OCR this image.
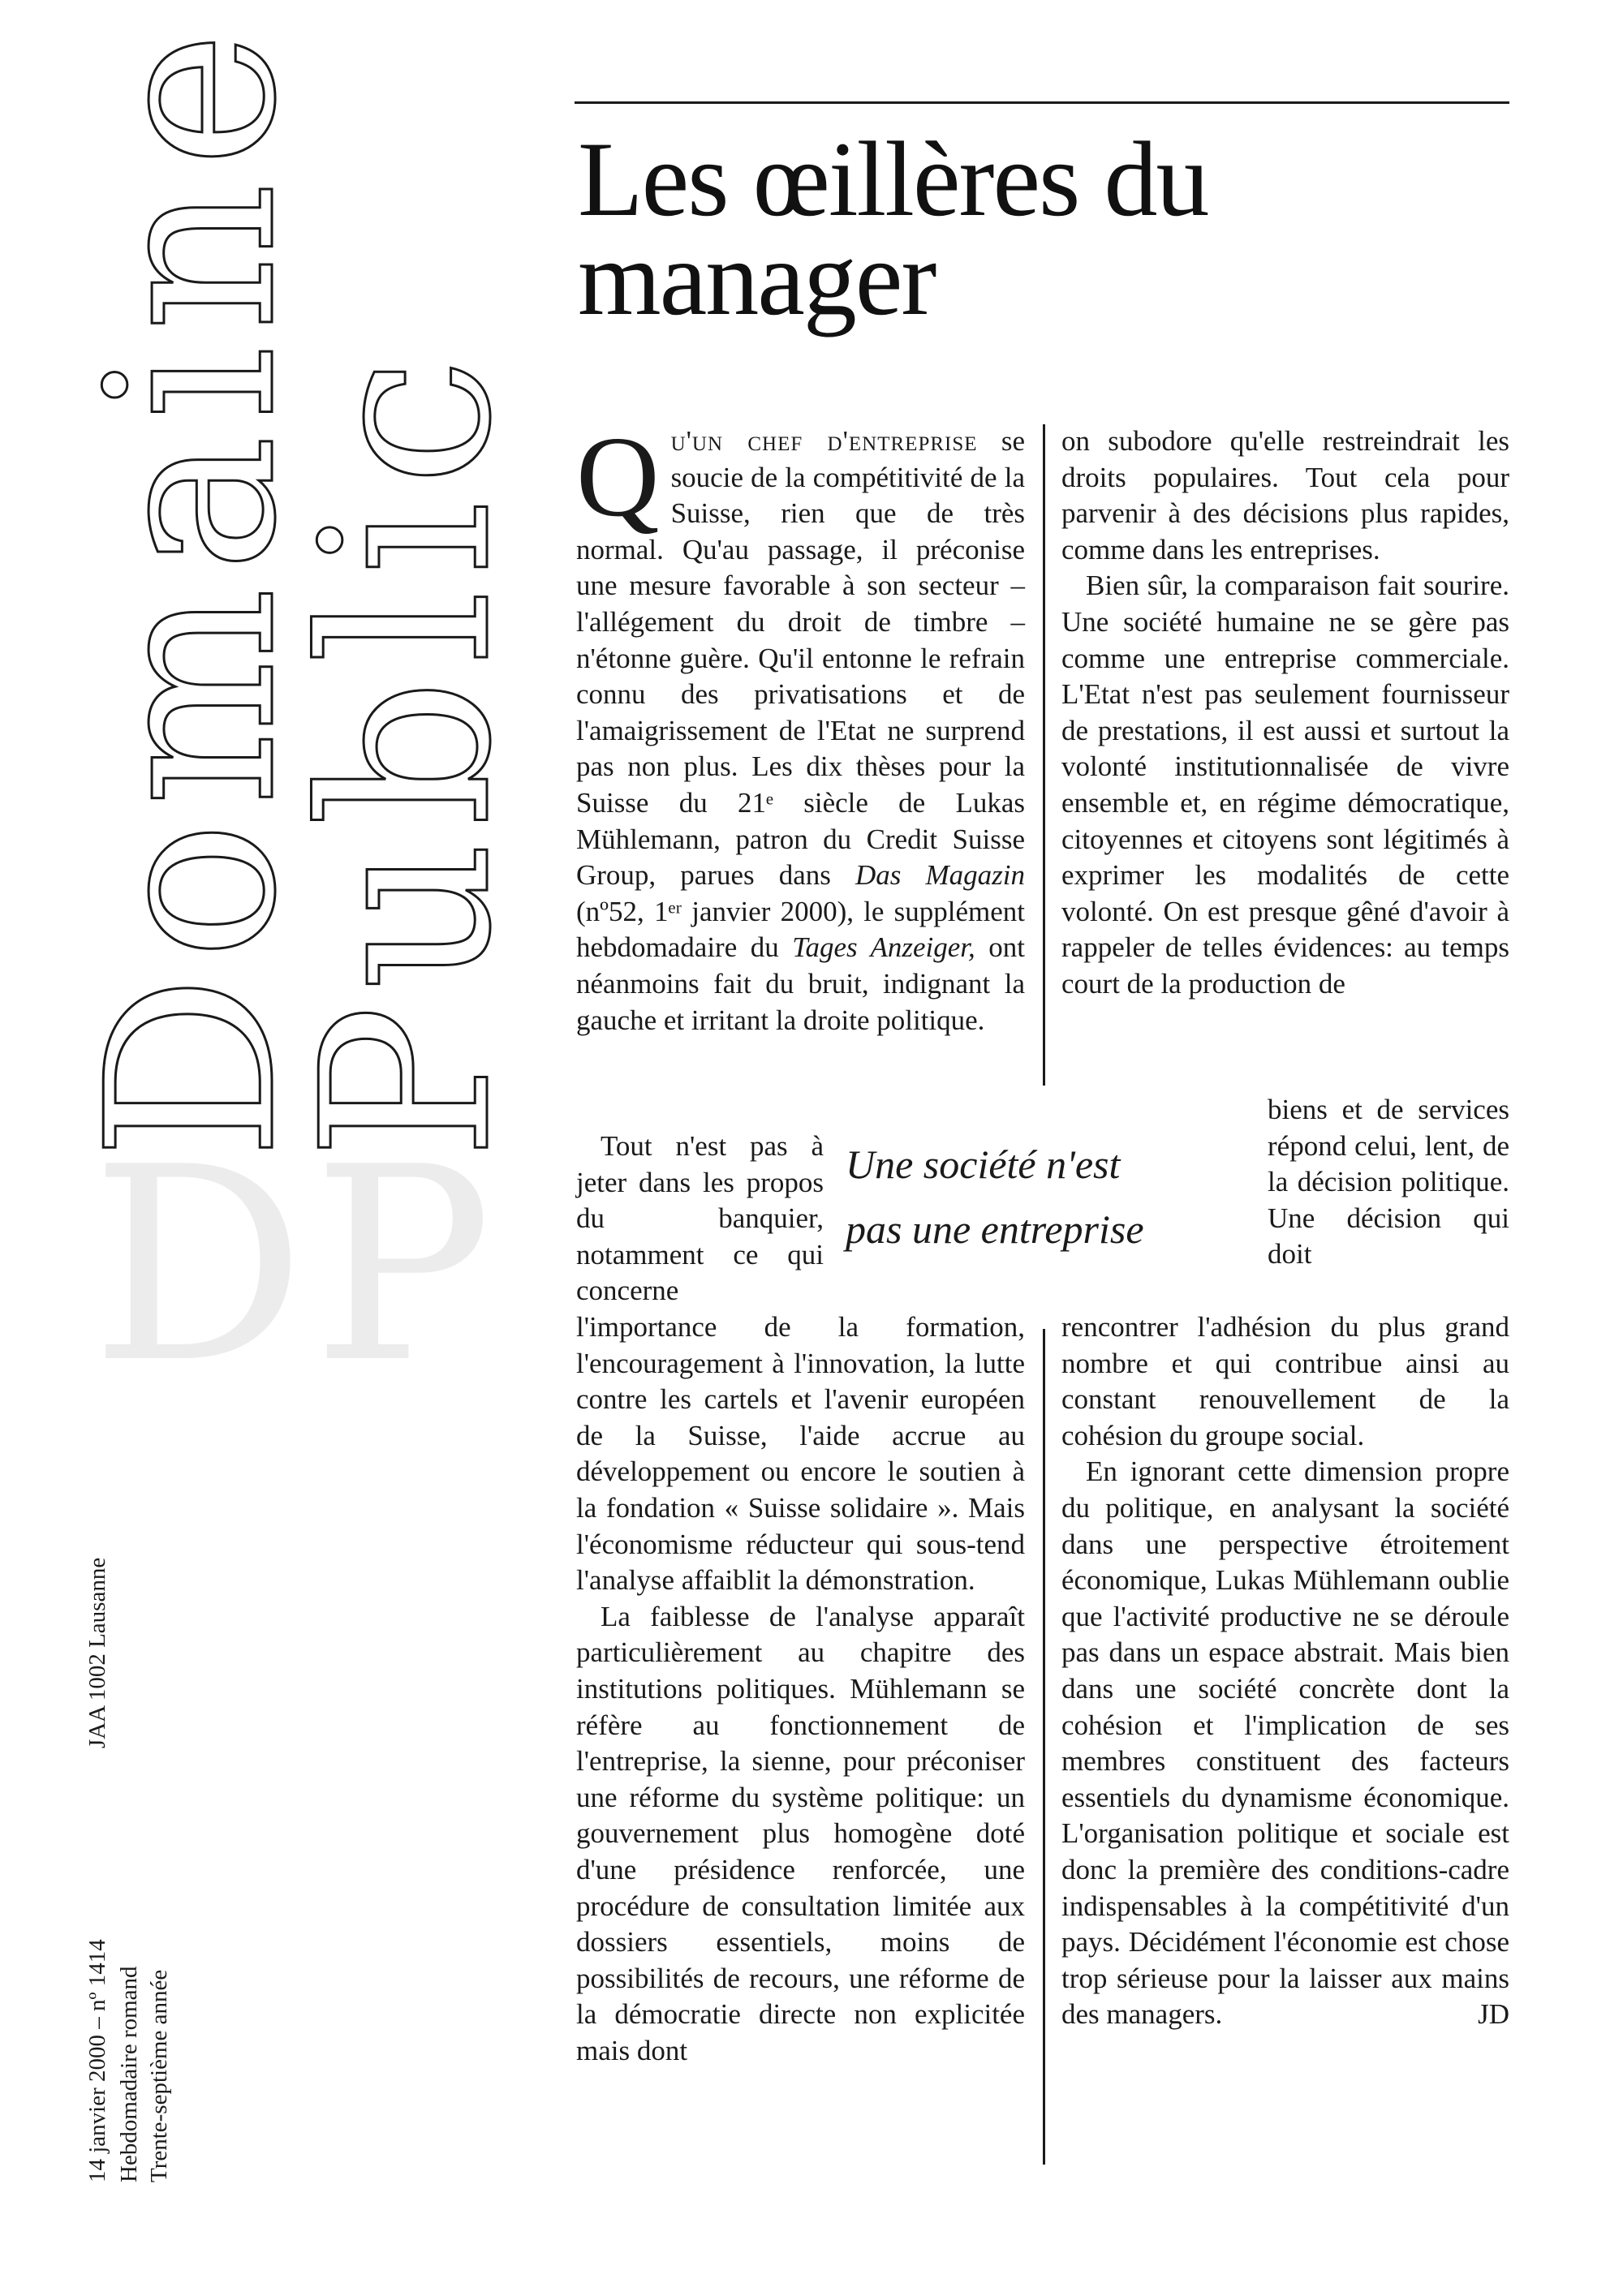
DP
Domaine
Public
JAA 1002 Lausanne
14 janvier 2000 – nº 1414 Hebdomadaire romand Trente-septième année
Les œillères du
manager

Qu'un chef d'entreprise se soucie de la compétitivité de la Suisse, rien que de très normal. Qu'au passage, il préconise une mesure favorable à son secteur – l'allégement du droit de timbre – n'étonne guère. Qu'il entonne le refrain connu des privatisations et de l'amaigrissement de l'Etat ne surprend pas non plus. Les dix thèses pour la Suisse du 21ᵉ siècle de Lukas Mühlemann, patron du Credit Suisse Group, parues dans Das Magazin (nº52, 1ᵉʳ janvier 2000), le supplément hebdomadaire du Tages Anzeiger, ont néanmoins fait du bruit, indignant la gauche et irritant la droite politique.

on subodore qu'elle restreindrait les droits populaires. Tout cela pour parvenir à des décisions plus rapides, comme dans les entreprises.

Bien sûr, la comparaison fait sourire. Une société humaine ne se gère pas comme une entreprise commerciale. L'Etat n'est pas seulement fournisseur de prestations, il est aussi et surtout la volonté institutionnalisée de vivre ensemble et, en régime démocratique, citoyennes et citoyens sont légitimés à exprimer les modalités de cette volonté. On est presque gêné d'avoir à rappeler de telles évidences: au temps court de la production de

Tout n'est pas à jeter dans les propos du banquier, notamment ce qui concerne

biens et de services répond celui, lent, de la décision politique. Une décision qui doit

Une société n'est
pas une entreprise

l'importance de la formation, l'encouragement à l'innovation, la lutte contre les cartels et l'avenir européen de la Suisse, l'aide accrue au développement ou encore le soutien à la fondation « Suisse solidaire ». Mais l'économisme réducteur qui sous-tend l'analyse affaiblit la démonstration.

La faiblesse de l'analyse apparaît particulièrement au chapitre des institutions politiques. Mühlemann se réfère au fonctionnement de l'entreprise, la sienne, pour préconiser une réforme du système politique: un gouvernement plus homogène doté d'une présidence renforcée, une procédure de consultation limitée aux dossiers essentiels, moins de possibilités de recours, une réforme de la démocratie directe non explicitée mais dont

rencontrer l'adhésion du plus grand nombre et qui contribue ainsi au constant renouvellement de la cohésion du groupe social.

En ignorant cette dimension propre du politique, en analysant la société dans une perspective étroitement économique, Lukas Mühlemann oublie que l'activité productive ne se déroule pas dans un espace abstrait. Mais bien dans une société concrète dont la cohésion et l'implication de ses membres constituent des facteurs essentiels du dynamisme économique. L'organisation politique et sociale est donc la première des conditions-cadre indispensables à la compétitivité d'un pays. Décidément l'économie est chose trop sérieuse pour la laisser aux mains des managers.	JD
